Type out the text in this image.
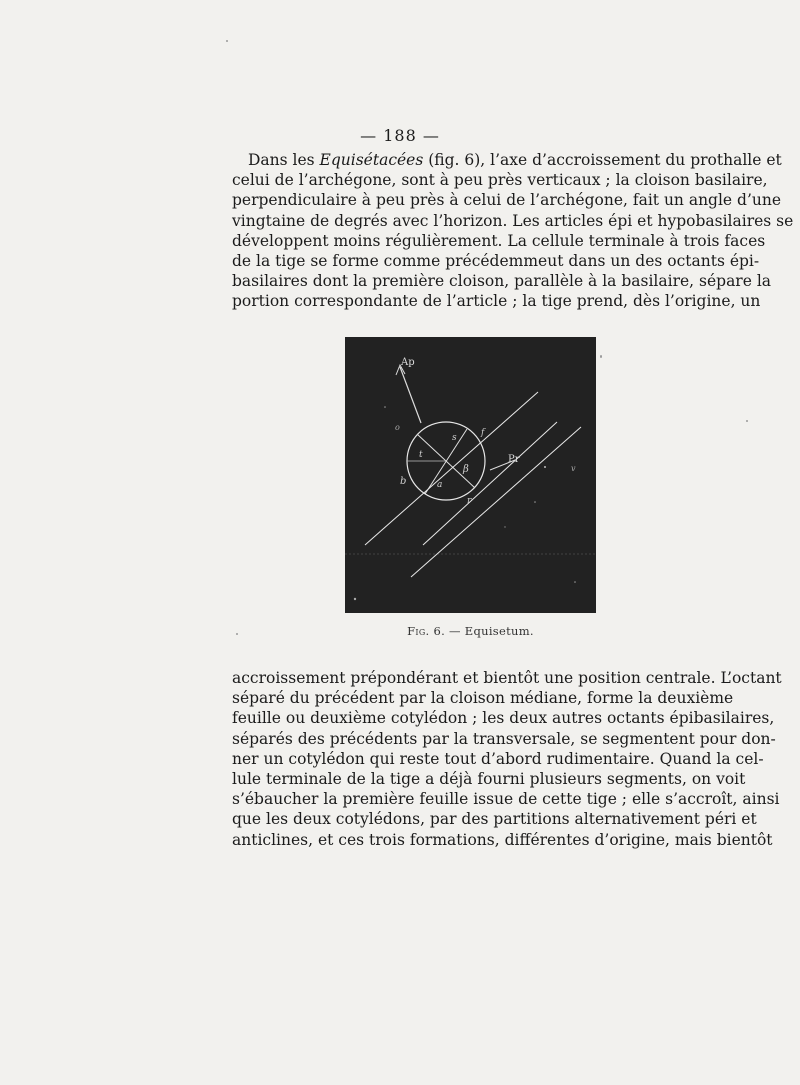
— 188 —
Dans les Equisétacées (fig. 6), l’axe d’accroissement du prothalle et
celui de l’archégone, sont à peu près verticaux ; la cloison basilaire,
perpendiculaire à peu près à celui de l’archégone, fait un angle d’une
vingtaine de degrés avec l’horizon. Les articles épi et hypobasilaires se
développent moins régulièrement. La cellule terminale à trois faces
de la tige se forme comme précédemmeut dans un des octants épi-
basilaires dont la première cloison, parallèle à la basilaire, sépare la
portion correspondante de l’article ; la tige prend, dès l’origine, un
Ap
Pr
b
β
t
s
a
f
r
o
v
Fig. 6. — Equisetum.
accroissement prépondérant et bientôt une position centrale. L’octant
séparé du précédent par la cloison médiane, forme la deuxième
feuille ou deuxième cotylédon ; les deux autres octants épibasilaires,
séparés des précédents par la transversale, se segmentent pour don-
ner un cotylédon qui reste tout d’abord rudimentaire. Quand la cel-
lule terminale de la tige a déjà fourni plusieurs segments, on voit
s’ébaucher la première feuille issue de cette tige ; elle s’accroît, ainsi
que les deux cotylédons, par des partitions alternativement péri et
anticlines, et ces trois formations, différentes d’origine, mais bientôt
